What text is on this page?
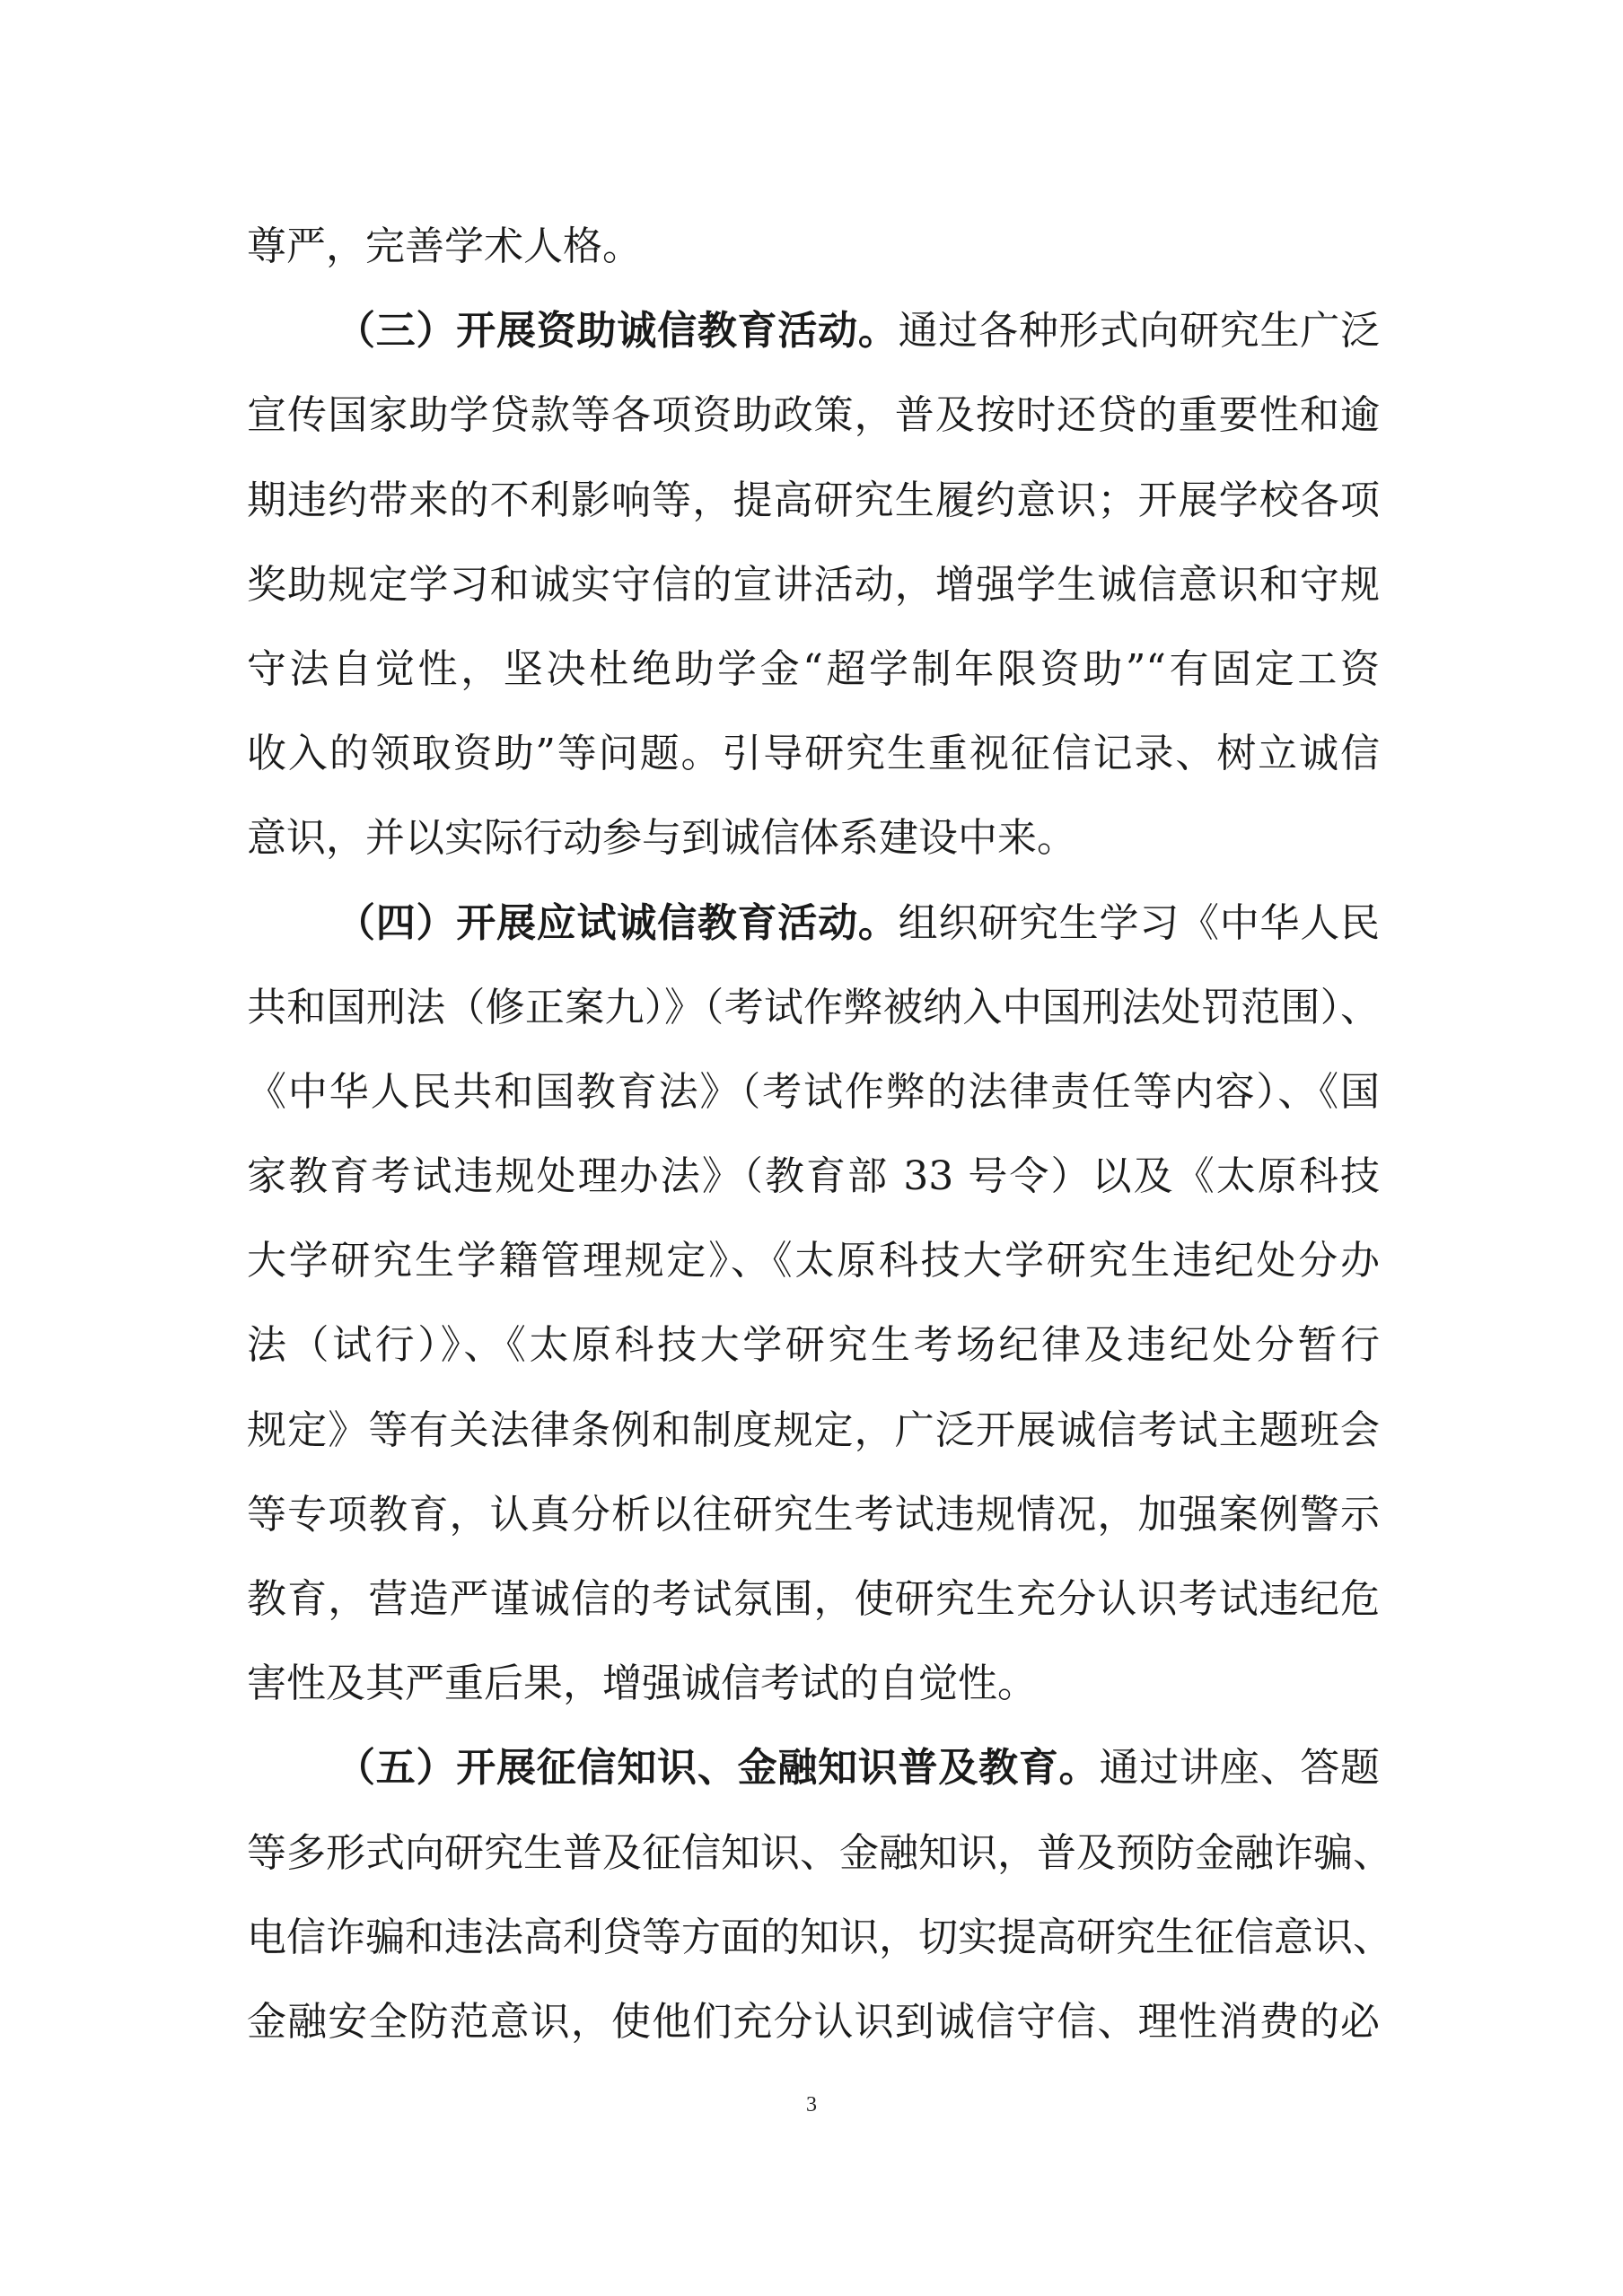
尊严，完善学术人格。
（三）开展资助诚信教育活动。通过各种形式向研究生广泛
宣传国家助学贷款等各项资助政策，普及按时还贷的重要性和逾
期违约带来的不利影响等，提高研究生履约意识；开展学校各项
奖助规定学习和诚实守信的宣讲活动，增强学生诚信意识和守规
守法自觉性，坚决杜绝助学金“超学制年限资助”“有固定工资
收入的领取资助”等问题。引导研究生重视征信记录、树立诚信
意识，并以实际行动参与到诚信体系建设中来。
（四）开展应试诚信教育活动。组织研究生学习《中华人民
共和国刑法（修正案九）》（考试作弊被纳入中国刑法处罚范围）、
《中华人民共和国教育法》（考试作弊的法律责任等内容）、《国
家教育考试违规处理办法》（教育部 33 号令）以及《太原科技
大学研究生学籍管理规定》、《太原科技大学研究生违纪处分办
法（试行）》、《太原科技大学研究生考场纪律及违纪处分暂行
规定》等有关法律条例和制度规定，广泛开展诚信考试主题班会
等专项教育，认真分析以往研究生考试违规情况，加强案例警示
教育，营造严谨诚信的考试氛围，使研究生充分认识考试违纪危
害性及其严重后果，增强诚信考试的自觉性。
（五）开展征信知识、金融知识普及教育。通过讲座、答题
等多形式向研究生普及征信知识、金融知识，普及预防金融诈骗、
电信诈骗和违法高利贷等方面的知识，切实提高研究生征信意识、
金融安全防范意识，使他们充分认识到诚信守信、理性消费的必
3
